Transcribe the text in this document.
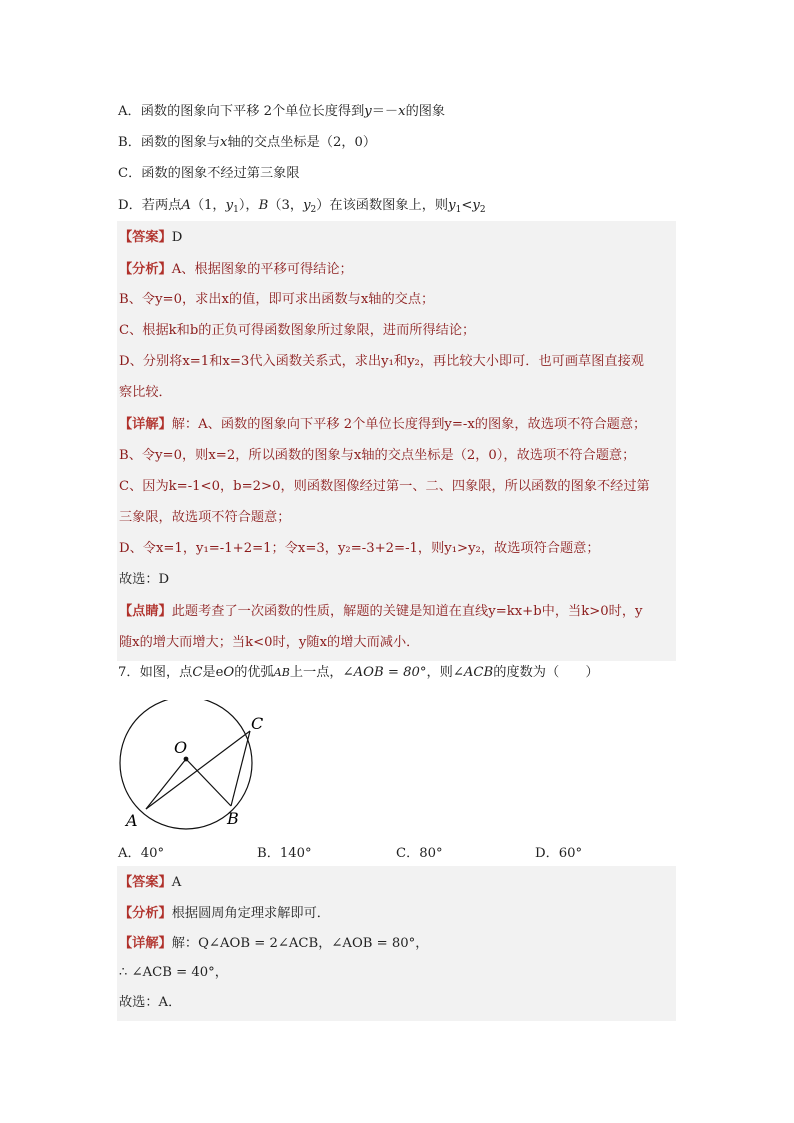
A．函数的图象向下平移 2个单位长度得到y＝－x的图象
B．函数的图象与x轴的交点坐标是（2，0）
C．函数的图象不经过第三象限
D．若两点A（1，$y_1$），B（3，$y_2$）在该函数图象上，则$y_1<y_2$
【答案】D
【分析】A、根据图象的平移可得结论；
B、令y=0，求出x的值，即可求出函数与x轴的交点；
C、根据k和b的正负可得函数图象所过象限，进而所得结论；
D、分别将x=1和x=3代入函数关系式，求出y₁和y₂，再比较大小即可．也可画草图直接观
察比较．
【详解】解：A、函数的图象向下平移 2个单位长度得到y=-x的图象，故选项不符合题意；
B、令y=0，则x=2，所以函数的图象与x轴的交点坐标是（2，0），故选项不符合题意；
C、因为k=-1<0，b=2>0，则函数图像经过第一、二、四象限，所以函数的图象不经过第
三象限，故选项不符合题意；
D、令x=1，y₁=-1+2=1；令x=3，y₂=-3+2=-1，则y₁>y₂，故选项符合题意；
故选：D
【点睛】此题考查了一次函数的性质，解题的关键是知道在直线y=kx+b中，当k>0时，y
随x的增大而增大；当k<0时，y随x的增大而减小．
7．如图，点C是eO的优弧AB上一点，∠AOB = 80°，则∠ACB的度数为（　　）
O
C
A	B
A．40°	B．140°	C．80°	D．60°
【答案】A
【分析】根据圆周角定理求解即可．
【详解】解：Q∠AOB = 2∠ACB，∠AOB = 80°，
∴ ∠ACB = 40°，
故选：A．
